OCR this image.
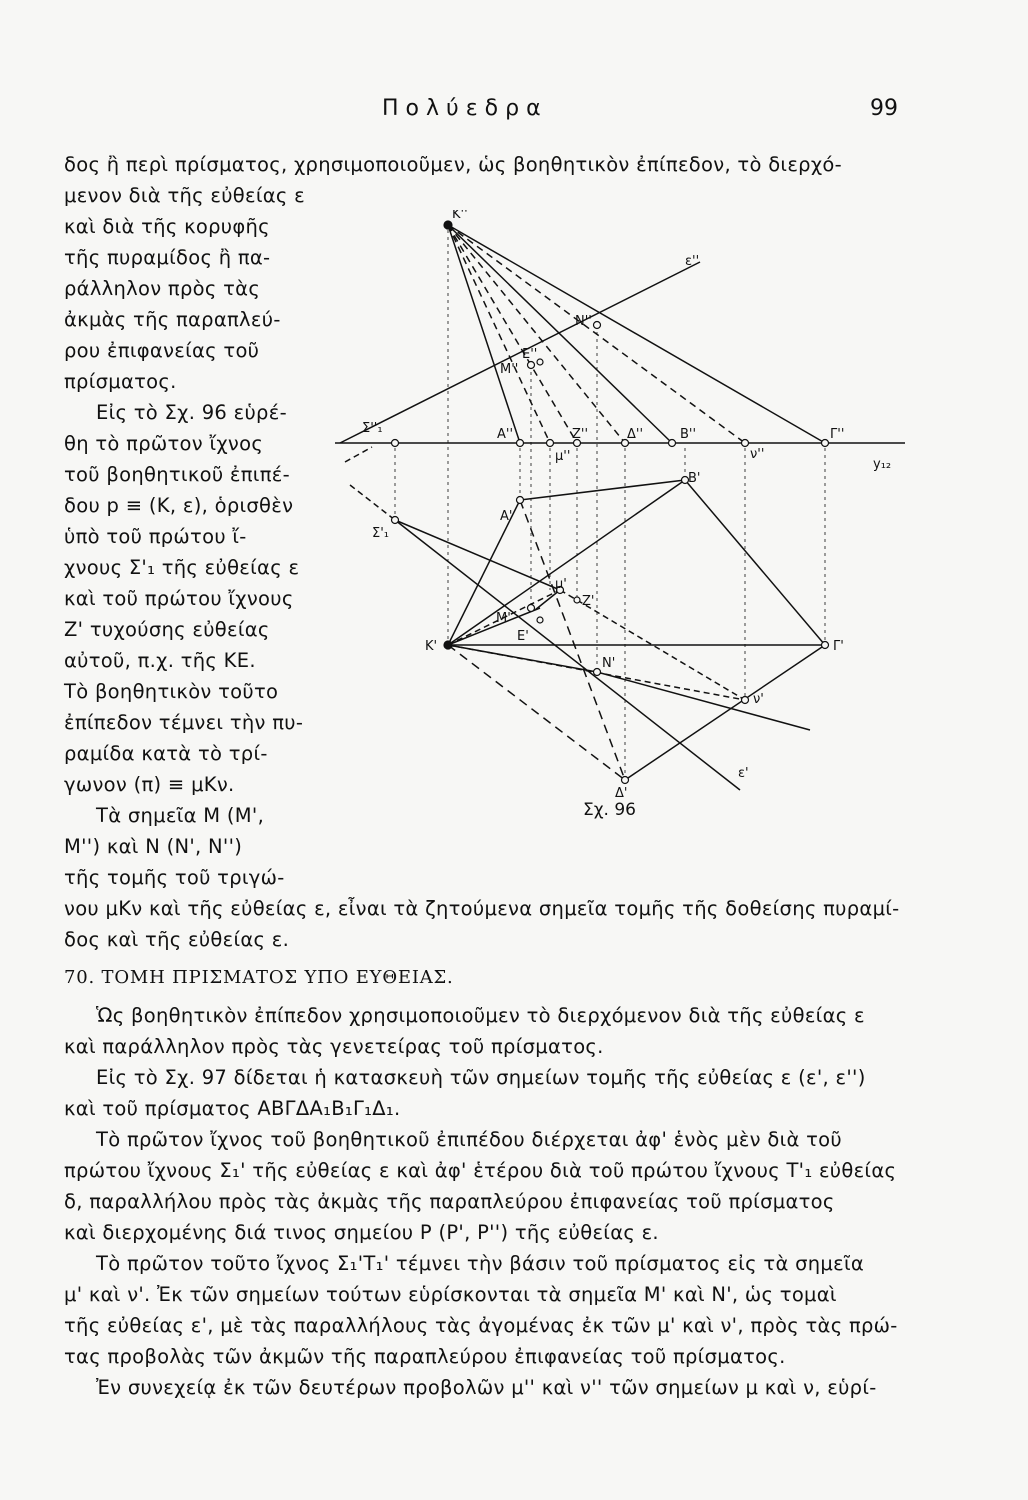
Πολύεδρα	99
δος ἢ περὶ πρίσματος, χρησιμοποιοῦμεν, ὡς βοηθητικὸν ἐπίπεδον, τὸ διερχό-
μενον διὰ τῆς εὐθείας ε
καὶ διὰ τῆς κορυφῆς
τῆς πυραμίδος ἢ πα-
ράλληλον πρὸς τὰς
ἀκμὰς τῆς παραπλεύ-
ρου ἐπιφανείας τοῦ
πρίσματος.
Εἰς τὸ Σχ. 96 εὑρέ-
θη τὸ πρῶτον ἴχνος
τοῦ βοηθητικοῦ ἐπιπέ-
δου p ≡ (K, ε), ὁρισθὲν
ὑπὸ τοῦ πρώτου ἴ-
χνους Σ'₁ τῆς εὐθείας ε
καὶ τοῦ πρώτου ἴχνους
Z' τυχούσης εὐθείας
αὐτοῦ, π.χ. τῆς KE.
Τὸ βοηθητικὸν τοῦτο
ἐπίπεδον τέμνει τὴν πυ-
ραμίδα κατὰ τὸ τρί-
γωνον (π) ≡ μKν.
Τὰ σημεῖα M (M',
M'') καὶ N (N', N'')
τῆς τομῆς τοῦ τριγώ-
νου μKν καὶ τῆς εὐθείας ε, εἶναι τὰ ζητούμενα σημεῖα τομῆς τῆς δοθείσης πυραμί-
δος καὶ τῆς εὐθείας ε.
70. ΤΟΜΗ ΠΡΙΣΜΑΤΟΣ ΥΠΟ ΕΥΘΕΙΑΣ.
Ὡς βοηθητικὸν ἐπίπεδον χρησιμοποιοῦμεν τὸ διερχόμενον διὰ τῆς εὐθείας ε
καὶ παράλληλον πρὸς τὰς γενετείρας τοῦ πρίσματος.
Εἰς τὸ Σχ. 97 δίδεται ἡ κατασκευὴ τῶν σημείων τομῆς τῆς εὐθείας ε (ε', ε'')
καὶ τοῦ πρίσματος ΑΒΓΔΑ₁Β₁Γ₁Δ₁.
Τὸ πρῶτον ἴχνος τοῦ βοηθητικοῦ ἐπιπέδου διέρχεται ἀφ' ἑνὸς μὲν διὰ τοῦ
πρώτου ἴχνους Σ₁' τῆς εὐθείας ε καὶ ἀφ' ἑτέρου διὰ τοῦ πρώτου ἴχνους T'₁ εὐθείας
δ, παραλλήλου πρὸς τὰς ἀκμὰς τῆς παραπλεύρου ἐπιφανείας τοῦ πρίσματος
καὶ διερχομένης διά τινος σημείου P (P', P'') τῆς εὐθείας ε.
Τὸ πρῶτον τοῦτο ἴχνος Σ₁'T₁' τέμνει τὴν βάσιν τοῦ πρίσματος εἰς τὰ σημεῖα
μ' καὶ ν'. Ἐκ τῶν σημείων τούτων εὑρίσκονται τὰ σημεῖα M' καὶ N', ὡς τομαὶ
τῆς εὐθείας ε', μὲ τὰς παραλλήλους τὰς ἀγομένας ἐκ τῶν μ' καὶ ν', πρὸς τὰς πρώ-
τας προβολὰς τῶν ἀκμῶν τῆς παραπλεύρου ἐπιφανείας τοῦ πρίσματος.
Ἐν συνεχείᾳ ἐκ τῶν δευτέρων προβολῶν μ'' καὶ ν'' τῶν σημείων μ καὶ ν, εὑρί-
K''
ε''
N''
E''
M''
Σ''₁	A''
μ''
Z''	Δ''	B''
ν''
Γ''
y₁₂
Σ'₁
A'
B'
μ'
Z'
M'
E'
K'	Γ'
N'
ν'
Δ'
ε'
Σχ. 96
